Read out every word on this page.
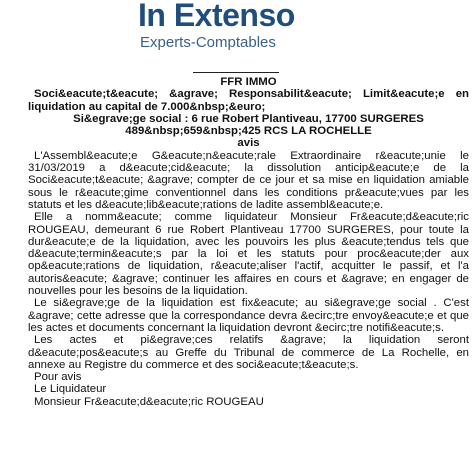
In Extenso
Experts-Comptables
FFR IMMO
Soci&eacute;t&eacute; &agrave; Responsabilit&eacute; Limit&eacute;e en liquidation au capital de 7.000&nbsp;&euro;
Si&egrave;ge social : 6 rue Robert Plantiveau, 17700 SURGERES
489&nbsp;659&nbsp;425 RCS LA ROCHELLE
avis

L'Assembl&eacute;e G&eacute;n&eacute;rale Extraordinaire r&eacute;unie le 31/03/2019 a d&eacute;cid&eacute; la dissolution anticip&eacute;e de la Soci&eacute;t&eacute; &agrave; compter de ce jour et sa mise en liquidation amiable sous le r&eacute;gime conventionnel dans les conditions pr&eacute;vues par les statuts et les d&eacute;lib&eacute;rations de ladite assembl&eacute;e.

Elle a nomm&eacute; comme liquidateur Monsieur Fr&eacute;d&eacute;ric ROUGEAU, demeurant 6 rue Robert Plantiveau 17700 SURGERES, pour toute la dur&eacute;e de la liquidation, avec les pouvoirs les plus &eacute;tendus tels que d&eacute;termin&eacute;s par la loi et les statuts pour proc&eacute;der aux op&eacute;rations de liquidation, r&eacute;aliser l'actif, acquitter le passif, et l'a autoris&eacute; &agrave; continuer les affaires en cours et &agrave; en engager de nouvelles pour les besoins de la liquidation.

Le si&egrave;ge de la liquidation est fix&eacute; au si&egrave;ge social . C'est &agrave; cette adresse que la correspondance devra &ecirc;tre envoy&eacute;e et que les actes et documents concernant la liquidation devront &ecirc;tre notifi&eacute;s.

Les actes et pi&egrave;ces relatifs &agrave; la liquidation seront d&eacute;pos&eacute;s au Greffe du Tribunal de commerce de La Rochelle, en annexe au Registre du commerce et des soci&eacute;t&eacute;s.

Pour avis
Le Liquidateur
Monsieur Fr&eacute;d&eacute;ric ROUGEAU
